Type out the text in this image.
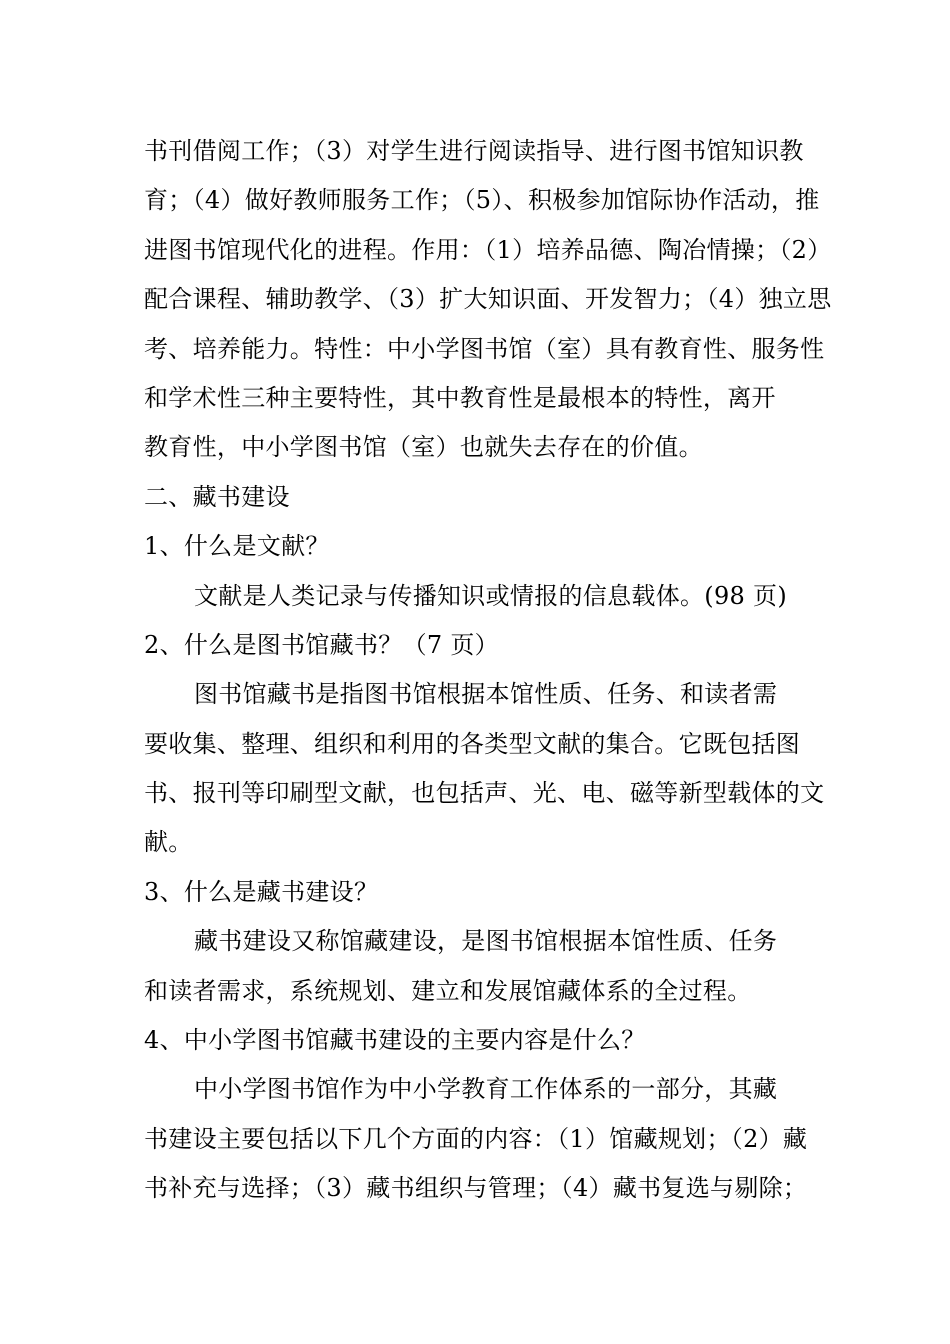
书刊借阅工作；（3）对学生进行阅读指导、进行图书馆知识教
育；（4）做好教师服务工作；（5）、积极参加馆际协作活动，推
进图书馆现代化的进程。作用：（1）培养品德、陶冶情操；（2）
配合课程、辅助教学、（3）扩大知识面、开发智力；（4）独立思
考、培养能力。特性：中小学图书馆（室）具有教育性、服务性
和学术性三种主要特性，其中教育性是最根本的特性，离开
教育性，中小学图书馆（室）也就失去存在的价值。
二、藏书建设
1、什么是文献？
文献是人类记录与传播知识或情报的信息载体。(98 页)
2、什么是图书馆藏书？（7 页）
图书馆藏书是指图书馆根据本馆性质、任务、和读者需
要收集、整理、组织和利用的各类型文献的集合。它既包括图
书、报刊等印刷型文献，也包括声、光、电、磁等新型载体的文
献。
3、什么是藏书建设？
藏书建设又称馆藏建设，是图书馆根据本馆性质、任务
和读者需求，系统规划、建立和发展馆藏体系的全过程。
4、中小学图书馆藏书建设的主要内容是什么？
中小学图书馆作为中小学教育工作体系的一部分，其藏
书建设主要包括以下几个方面的内容：（1）馆藏规划；（2）藏
书补充与选择；（3）藏书组织与管理；（4）藏书复选与剔除；
